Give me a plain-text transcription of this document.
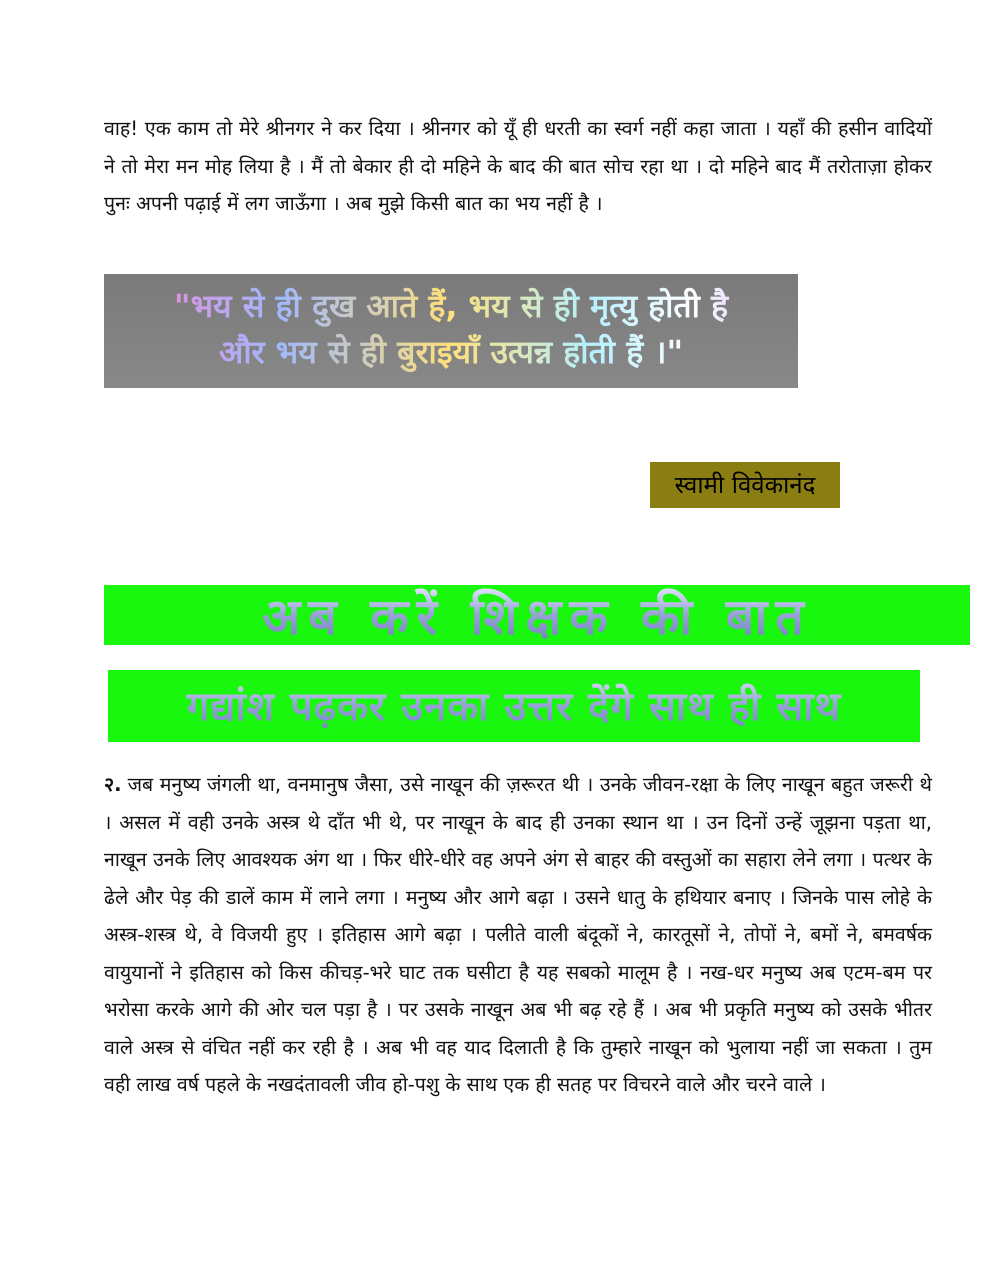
वाह! एक काम तो मेरे श्रीनगर ने कर दिया । श्रीनगर को यूँ ही धरती का स्वर्ग नहीं कहा जाता । यहाँ की हसीन वादियों ने तो मेरा मन मोह लिया है । मैं तो बेकार ही दो महिने के बाद की बात सोच रहा था । दो महिने बाद मैं तरोताज़ा होकर पुनः अपनी पढ़ाई में लग जाऊँगा । अब मुझे किसी बात का भय नहीं है ।

"भय से ही दुख आते हैं, भय से ही मृत्यु होती है
और भय से ही बुराइयाँ उत्पन्न होती हैं ।"
स्वामी विवेकानंद
अब करें शिक्षक की बात
गद्यांश पढ़कर उनका उत्तर देंगे साथ ही साथ

२. जब मनुष्य जंगली था, वनमानुष जैसा, उसे नाखून की ज़रूरत थी । उनके जीवन-रक्षा के लिए नाखून बहुत जरूरी थे । असल में वही उनके अस्त्र थे दाँत भी थे, पर नाखून के बाद ही उनका स्थान था । उन दिनों उन्हें जूझना पड़ता था, नाखून उनके लिए आवश्यक अंग था । फिर धीरे-धीरे वह अपने अंग से बाहर की वस्तुओं का सहारा लेने लगा । पत्थर के ढेले और पेड़ की डालें काम में लाने लगा । मनुष्य और आगे बढ़ा । उसने धातु के हथियार बनाए । जिनके पास लोहे के अस्त्र-शस्त्र थे, वे विजयी हुए । इतिहास आगे बढ़ा । पलीते वाली बंदूकों ने, कारतूसों ने, तोपों ने, बमों ने, बमवर्षक वायुयानों ने इतिहास को किस कीचड़-भरे घाट तक घसीटा है यह सबको मालूम है । नख-धर मनुष्य अब एटम-बम पर भरोसा करके आगे की ओर चल पड़ा है । पर उसके नाखून अब भी बढ़ रहे हैं । अब भी प्रकृति मनुष्य को उसके भीतर वाले अस्त्र से वंचित नहीं कर रही है । अब भी वह याद दिलाती है कि तुम्हारे नाखून को भुलाया नहीं जा सकता । तुम वही लाख वर्ष पहले के नखदंतावली जीव हो-पशु के साथ एक ही सतह पर विचरने वाले और चरने वाले ।
